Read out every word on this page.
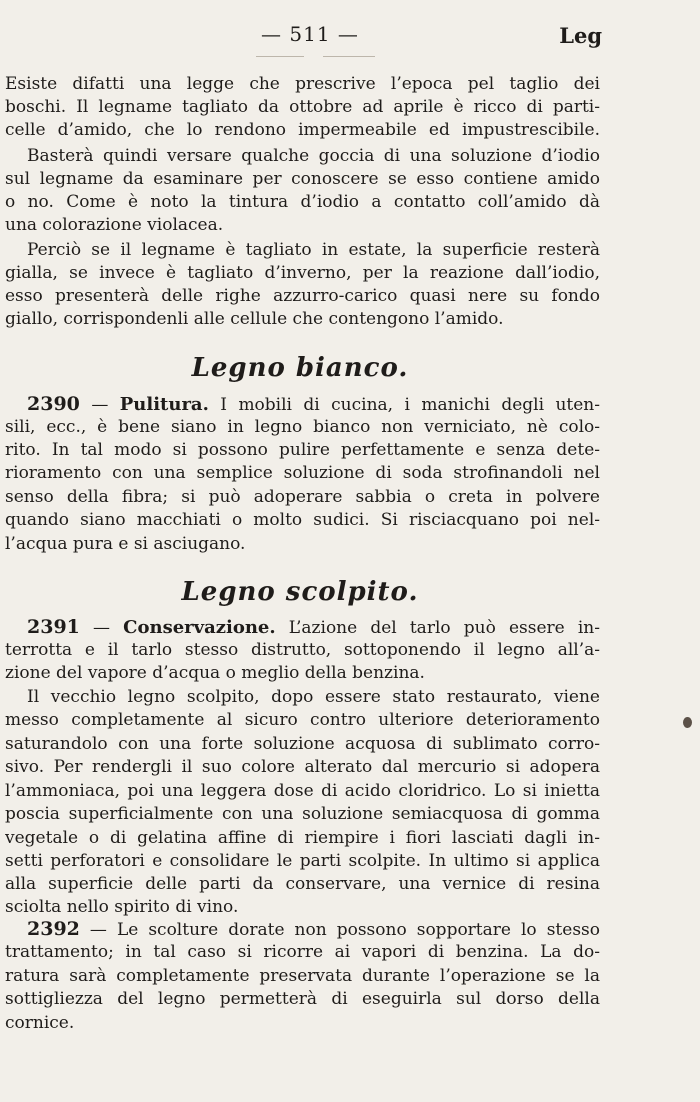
— 511 —	Leg
Esiste difatti una legge che prescrive l’epoca pel taglio dei
boschi. Il legname tagliato da ottobre ad aprile è ricco di parti-
celle d’amido, che lo rendono impermeabile ed impustrescibile.
Basterà quindi versare qualche goccia di una soluzione d’iodio
sul legname da esaminare per conoscere se esso contiene amido
o no. Come è noto la tintura d’iodio a contatto coll’amido dà
una colorazione violacea.
Perciò se il legname è tagliato in estate, la superficie resterà
gialla, se invece è tagliato d’inverno, per la reazione dall’iodio,
esso presenterà delle righe azzurro-carico quasi nere su fondo
giallo, corrispondenli alle cellule che contengono l’amido.
Legno bianco.
2390 — Pulitura. I mobili di cucina, i manichi degli uten-
sili, ecc., è bene siano in legno bianco non verniciato, nè colo-
rito. In tal modo si possono pulire perfettamente e senza dete-
rioramento con una semplice soluzione di soda strofinandoli nel
senso della fibra; si può adoperare sabbia o creta in polvere
quando siano macchiati o molto sudici. Si risciacquano poi nel-
l’acqua pura e si asciugano.
Legno scolpito.
2391 — Conservazione. L’azione del tarlo può essere in-
terrotta e il tarlo stesso distrutto, sottoponendo il legno all’a-
zione del vapore d’acqua o meglio della benzina.
Il vecchio legno scolpito, dopo essere stato restaurato, viene
messo completamente al sicuro contro ulteriore deterioramento
saturandolo con una forte soluzione acquosa di sublimato corro-
sivo. Per rendergli il suo colore alterato dal mercurio si adopera
l’ammoniaca, poi una leggera dose di acido cloridrico. Lo si inietta
poscia superficialmente con una soluzione semiacquosa di gomma
vegetale o di gelatina affine di riempire i fiori lasciati dagli in-
setti perforatori e consolidare le parti scolpite. In ultimo si applica
alla superficie delle parti da conservare, una vernice di resina
sciolta nello spirito di vino.
2392 — Le scolture dorate non possono sopportare lo stesso
trattamento; in tal caso si ricorre ai vapori di benzina. La do-
ratura sarà completamente preservata durante l’operazione se la
sottigliezza del legno permetterà di eseguirla sul dorso della
cornice.
